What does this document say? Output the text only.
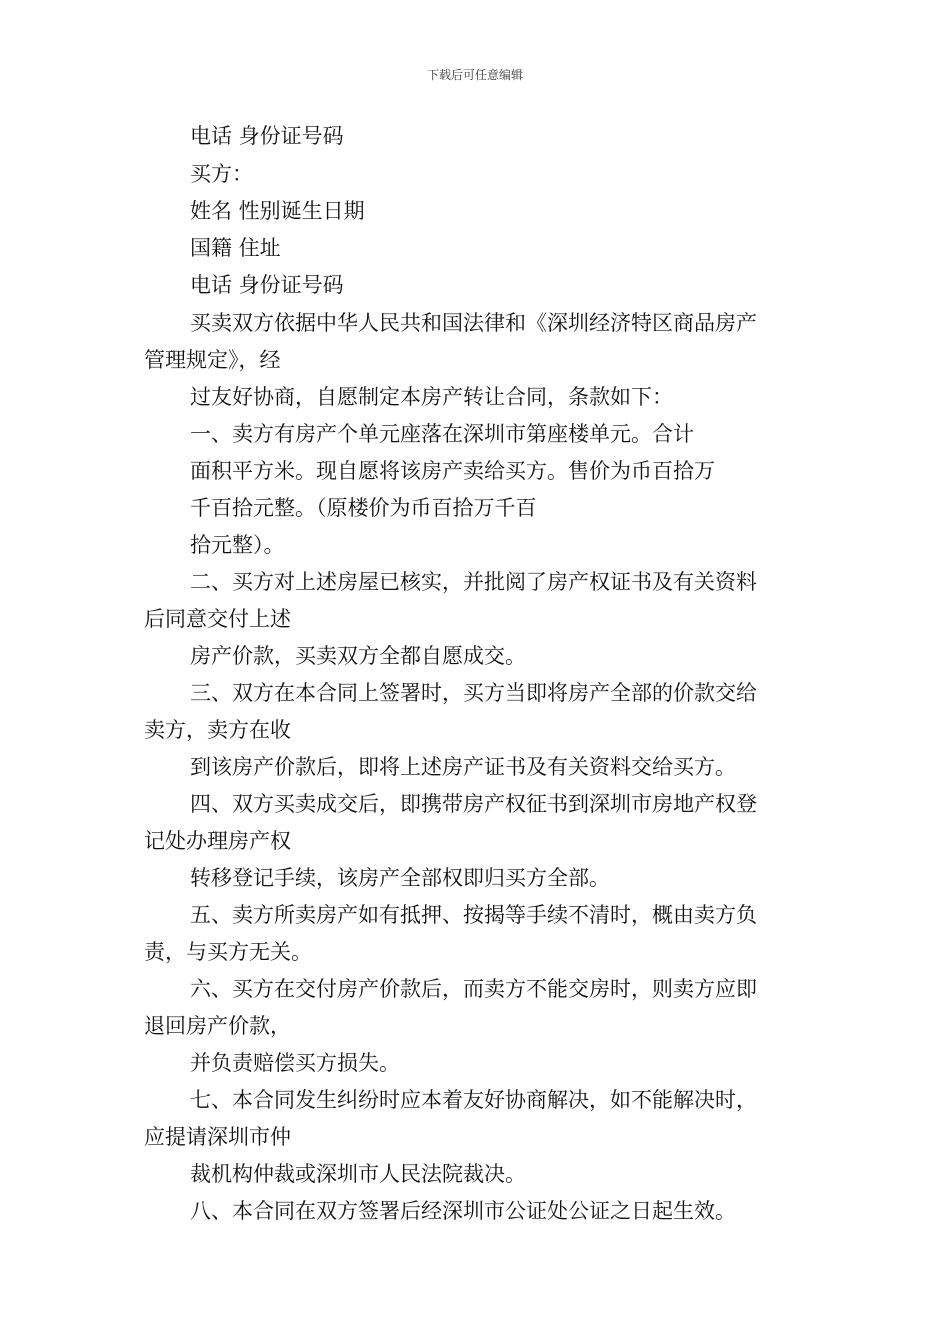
下载后可任意编辑
电话 身份证号码
买方：
姓名 性别诞生日期
国籍 住址
电话 身份证号码
买卖双方依据中华人民共和国法律和《深圳经济特区商品房产
管理规定》，经
过友好协商，自愿制定本房产转让合同，条款如下：
一、卖方有房产个单元座落在深圳市第座楼单元。合计
面积平方米。现自愿将该房产卖给买方。售价为币百拾万
千百拾元整。（原楼价为币百拾万千百
拾元整）。
二、买方对上述房屋已核实，并批阅了房产权证书及有关资料
后同意交付上述
房产价款，买卖双方全都自愿成交。
三、双方在本合同上签署时，买方当即将房产全部的价款交给
卖方，卖方在收
到该房产价款后，即将上述房产证书及有关资料交给买方。
四、双方买卖成交后，即携带房产权征书到深圳市房地产权登
记处办理房产权
转移登记手续，该房产全部权即归买方全部。
五、卖方所卖房产如有抵押、按揭等手续不清时，概由卖方负
责，与买方无关。
六、买方在交付房产价款后，而卖方不能交房时，则卖方应即
退回房产价款，
并负责赔偿买方损失。
七、本合同发生纠纷时应本着友好协商解决，如不能解决时，
应提请深圳市仲
裁机构仲裁或深圳市人民法院裁决。
八、本合同在双方签署后经深圳市公证处公证之日起生效。
